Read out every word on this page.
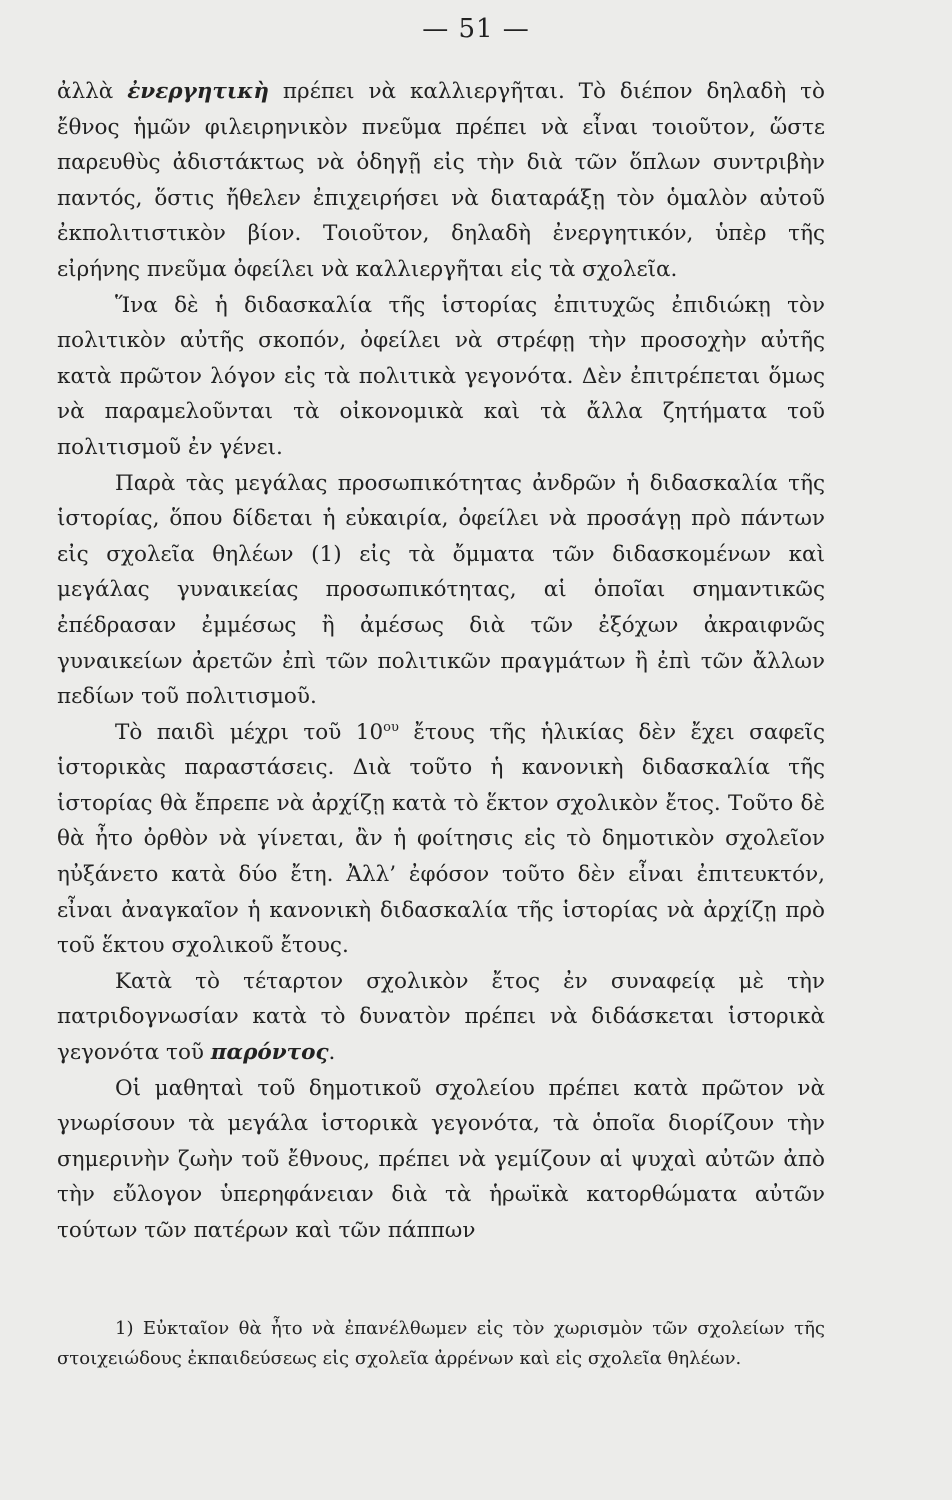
— 51 —

ἀλλὰ ἐνεργητικὴ πρέπει νὰ καλλιεργῆται. Τὸ διέπον δηλαδὴ τὸ ἔθνος ἡμῶν φιλειρηνικὸν πνεῦμα πρέπει νὰ εἶναι τοιοῦτον, ὥστε παρευθὺς ἀδιστάκτως νὰ ὁδηγῇ εἰς τὴν διὰ τῶν ὅπλων συντριβὴν παντός, ὅστις ἤθελεν ἐπιχειρήσει νὰ διαταράξῃ τὸν ὁμαλὸν αὐτοῦ ἐκπολιτιστικὸν βίον. Τοιοῦτον, δηλαδὴ ἐνεργητικόν, ὑπὲρ τῆς εἰρήνης πνεῦμα ὀφείλει νὰ καλλιεργῆται εἰς τὰ σχολεῖα.

Ἵνα δὲ ἡ διδασκαλία τῆς ἱστορίας ἐπιτυχῶς ἐπιδιώκῃ τὸν πολιτικὸν αὐτῆς σκοπόν, ὀφείλει νὰ στρέφῃ τὴν προσοχὴν αὐτῆς κατὰ πρῶτον λόγον εἰς τὰ πολιτικὰ γεγονότα. Δὲν ἐπιτρέπεται ὅμως νὰ παραμελοῦνται τὰ οἰκονομικὰ καὶ τὰ ἄλλα ζητήματα τοῦ πολιτισμοῦ ἐν γένει.

Παρὰ τὰς μεγάλας προσωπικότητας ἀνδρῶν ἡ διδασκαλία τῆς ἱστορίας, ὅπου δίδεται ἡ εὐκαιρία, ὀφείλει νὰ προσάγῃ πρὸ πάντων εἰς σχολεῖα θηλέων (1) εἰς τὰ ὄμματα τῶν διδασκομένων καὶ μεγάλας γυναικείας προσωπικότητας, αἱ ὁποῖαι σημαντικῶς ἐπέδρασαν ἐμμέσως ἢ ἀμέσως διὰ τῶν ἐξόχων ἀκραιφνῶς γυναικείων ἀρετῶν ἐπὶ τῶν πολιτικῶν πραγμάτων ἢ ἐπὶ τῶν ἄλλων πεδίων τοῦ πολιτισμοῦ.

Τὸ παιδὶ μέχρι τοῦ $10^{o\upsilon}$ ἔτους τῆς ἡλικίας δὲν ἔχει σαφεῖς ἱστορικὰς παραστάσεις. Διὰ τοῦτο ἡ κανονικὴ διδασκαλία τῆς ἱστορίας θὰ ἔπρεπε νὰ ἀρχίζῃ κατὰ τὸ ἕκτον σχολικὸν ἔτος. Τοῦτο δὲ θὰ ἦτο ὀρθὸν νὰ γίνεται, ἂν ἡ φοίτησις εἰς τὸ δημοτικὸν σχολεῖον ηὐξάνετο κατὰ δύο ἔτη. Ἀλλ’ ἐφόσον τοῦτο δὲν εἶναι ἐπιτευκτόν, εἶναι ἀναγκαῖον ἡ κανονικὴ διδασκαλία τῆς ἱστορίας νὰ ἀρχίζῃ πρὸ τοῦ ἕκτου σχολικοῦ ἔτους.

Κατὰ τὸ τέταρτον σχολικὸν ἔτος ἐν συναφείᾳ μὲ τὴν πατριδογνωσίαν κατὰ τὸ δυνατὸν πρέπει νὰ διδάσκεται ἱστορικὰ γεγονότα τοῦ παρόντος.

Οἱ μαθηταὶ τοῦ δημοτικοῦ σχολείου πρέπει κατὰ πρῶτον νὰ γνωρίσουν τὰ μεγάλα ἱστορικὰ γεγονότα, τὰ ὁποῖα διορίζουν τὴν σημερινὴν ζωὴν τοῦ ἔθνους, πρέπει νὰ γεμίζουν αἱ ψυχαὶ αὐτῶν ἀπὸ τὴν εὔλογον ὑπερηφάνειαν διὰ τὰ ἡρωϊκὰ κατορθώματα αὐτῶν τούτων τῶν πατέρων καὶ τῶν πάππων

1) Εὐκταῖον θὰ ἦτο νὰ ἐπανέλθωμεν εἰς τὸν χωρισμὸν τῶν σχολείων τῆς στοιχειώδους ἐκπαιδεύσεως εἰς σχολεῖα ἀρρένων καὶ εἰς σχολεῖα θηλέων.
